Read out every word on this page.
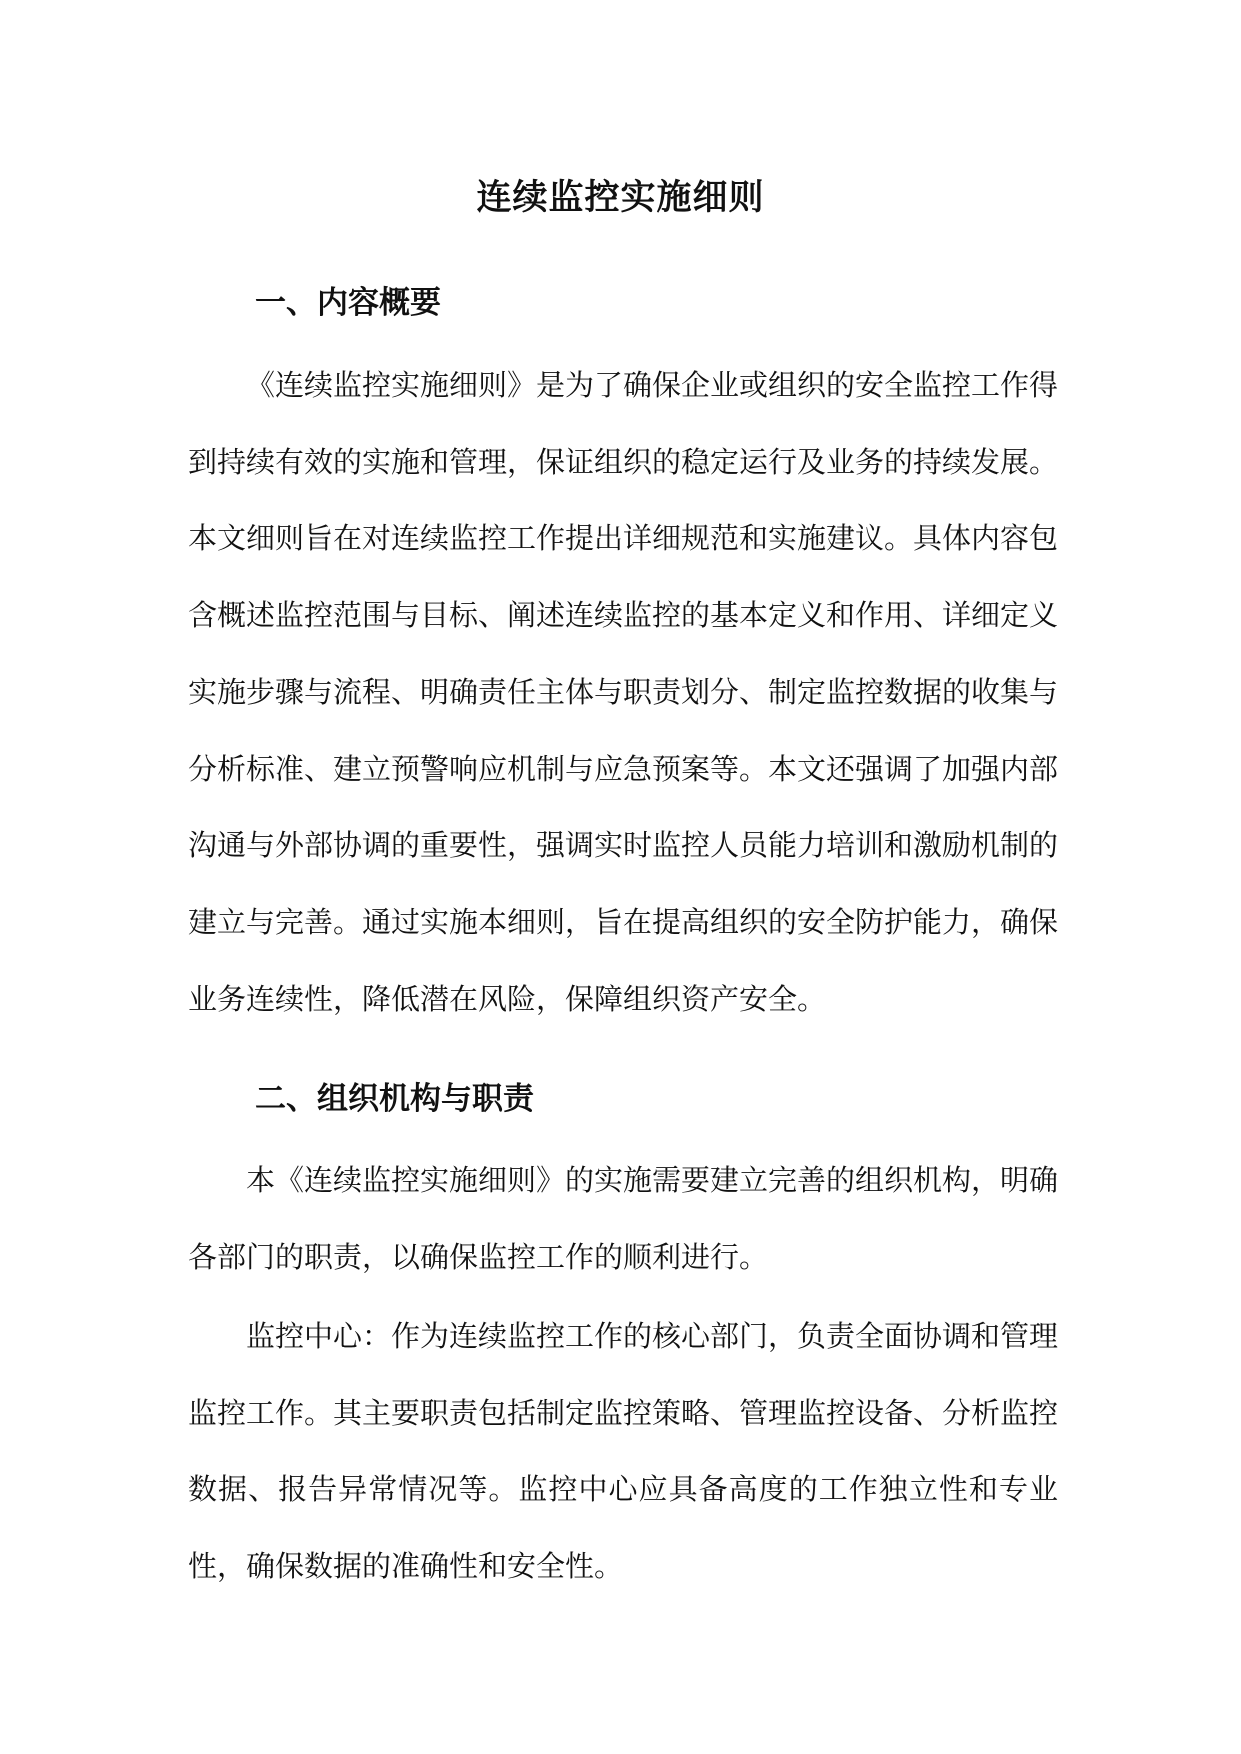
连续监控实施细则
一、内容概要

《连续监控实施细则》是为了确保企业或组织的安全监控工作得到持续有效的实施和管理，保证组织的稳定运行及业务的持续发展。本文细则旨在对连续监控工作提出详细规范和实施建议。具体内容包含概述监控范围与目标、阐述连续监控的基本定义和作用、详细定义实施步骤与流程、明确责任主体与职责划分、制定监控数据的收集与分析标准、建立预警响应机制与应急预案等。本文还强调了加强内部沟通与外部协调的重要性，强调实时监控人员能力培训和激励机制的建立与完善。通过实施本细则，旨在提高组织的安全防护能力，确保业务连续性，降低潜在风险，保障组织资产安全。

二、组织机构与职责

本《连续监控实施细则》的实施需要建立完善的组织机构，明确各部门的职责，以确保监控工作的顺利进行。

监控中心：作为连续监控工作的核心部门，负责全面协调和管理监控工作。其主要职责包括制定监控策略、管理监控设备、分析监控数据、报告异常情况等。监控中心应具备高度的工作独立性和专业性，确保数据的准确性和安全性。
